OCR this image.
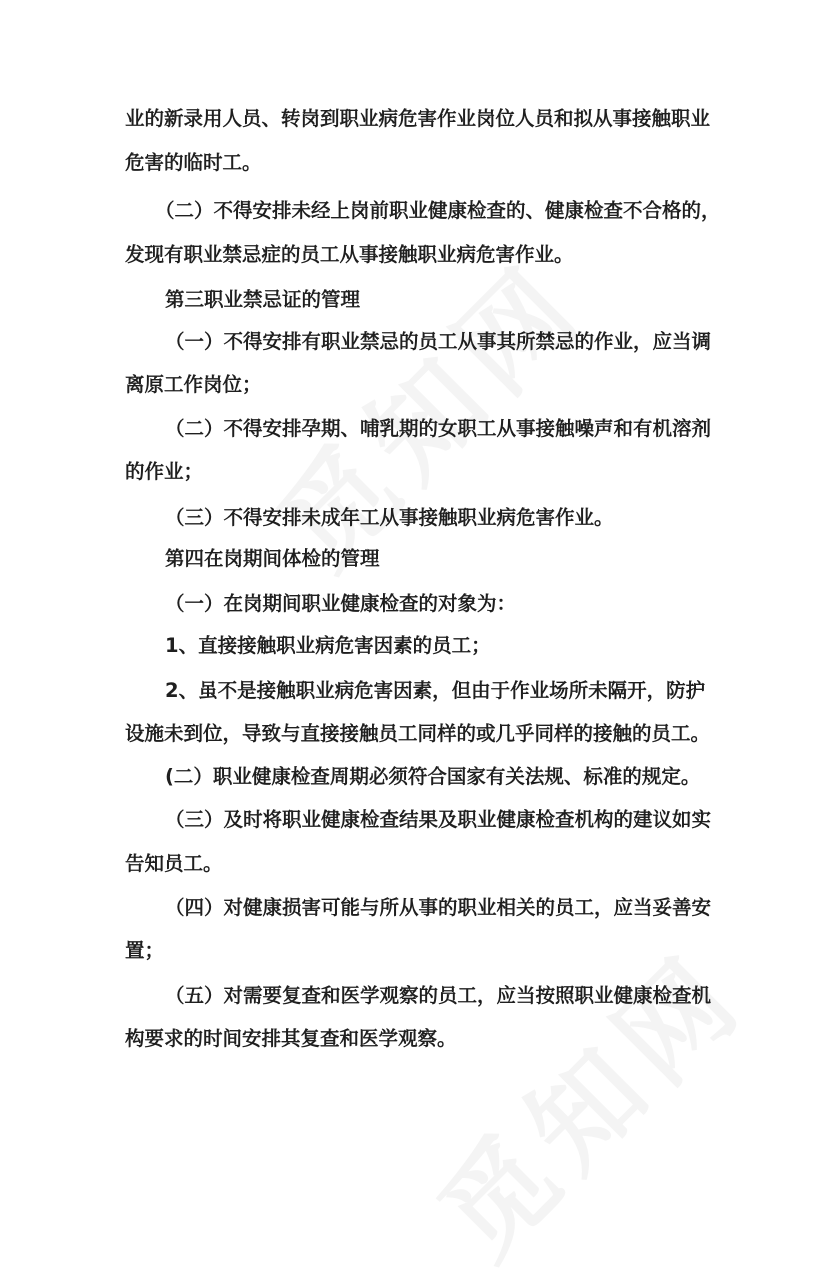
业的新录用人员、转岗到职业病危害作业岗位人员和拟从事接触职业

危害的临时工。

（二）不得安排未经上岗前职业健康检查的、健康检查不合格的，

发现有职业禁忌症的员工从事接触职业病危害作业。

第三职业禁忌证的管理

（一）不得安排有职业禁忌的员工从事其所禁忌的作业，应当调

离原工作岗位；

（二）不得安排孕期、哺乳期的女职工从事接触噪声和有机溶剂

的作业；

（三）不得安排未成年工从事接触职业病危害作业。

第四在岗期间体检的管理

（一）在岗期间职业健康检查的对象为：

1、直接接触职业病危害因素的员工；

2、虽不是接触职业病危害因素，但由于作业场所未隔开，防护

设施未到位，导致与直接接触员工同样的或几乎同样的接触的员工。

(二）职业健康检查周期必须符合国家有关法规、标准的规定。

（三）及时将职业健康检查结果及职业健康检查机构的建议如实

告知员工。

（四）对健康损害可能与所从事的职业相关的员工，应当妥善安

置；

（五）对需要复查和医学观察的员工，应当按照职业健康检查机

构要求的时间安排其复查和医学观察。
